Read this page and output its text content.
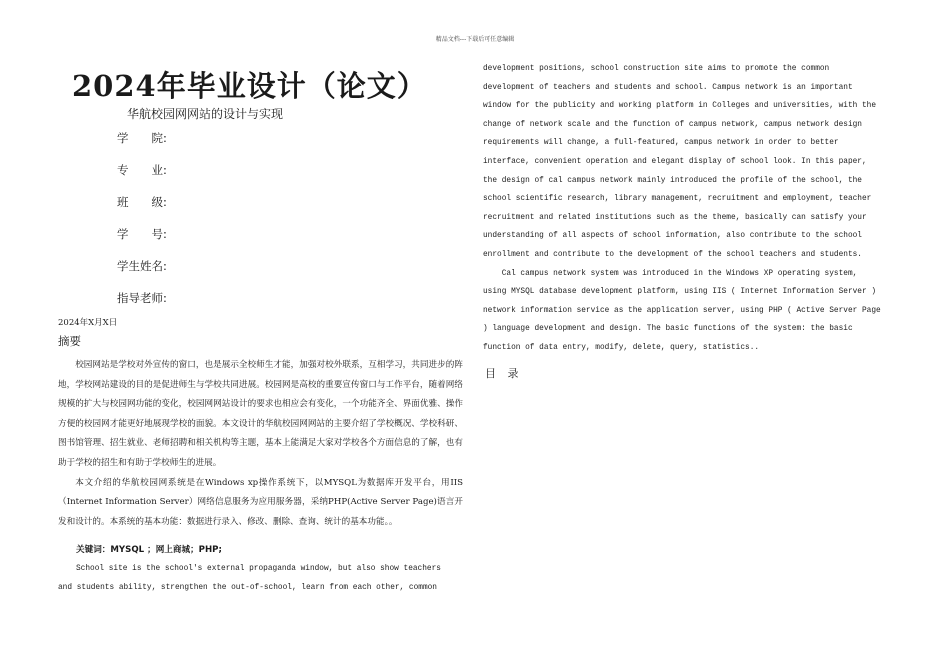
精品文档---下载后可任意编辑
2024年毕业设计（论文）
华航校园网网站的设计与实现
学　　院:
专　　业:
班　　级:
学　　号:
学生姓名:
指导老师:
2024年X月X日
摘要

校园网站是学校对外宣传的窗口，也是展示全校师生才能，加强对校外联系，互相学习，共同进步的阵地，学校网站建设的目的是促进师生与学校共同进展。校园网是高校的重要宣传窗口与工作平台，随着网络规模的扩大与校园网功能的变化，校园网网站设计的要求也相应会有变化，一个功能齐全、界面优雅、操作方便的校园网才能更好地展现学校的面貌。本文设计的华航校园网网站的主要介绍了学校概况、学校科研、图书馆管理、招生就业、老师招聘和相关机构等主题，基本上能满足大家对学校各个方面信息的了解，也有助于学校的招生和有助于学校师生的进展。

本文介绍的华航校园网系统是在Windows xp操作系统下，以MYSQL为数据库开发平台，用IIS（Internet Information Server）网络信息服务为应用服务器，采纳PHP(Active Server Page)语言开发和设计的。本系统的基本功能：数据进行录入、修改、删除、查询、统计的基本功能。。

关键词：MYSQL ；网上商城；PHP;
School site is the school's external propaganda window, but also show teachers
and students ability, strengthen the out-of-school, learn from each other, common
development positions, school construction site aims to promote the common
development of teachers and students and school. Campus network is an important
window for the publicity and working platform in Colleges and universities, with the
change of network scale and the function of campus network, campus network design
requirements will change, a full-featured, campus network in order to better
interface, convenient operation and elegant display of school look. In this paper,
the design of cal campus network mainly introduced the profile of the school, the
school scientific research, library management, recruitment and employment, teacher
recruitment and related institutions such as the theme, basically can satisfy your
understanding of all aspects of school information, also contribute to the school
enrollment and contribute to the development of the school teachers and students.
Cal campus network system was introduced in the Windows XP operating system,
using MYSQL database development platform, using IIS ( Internet Information Server )
network information service as the application server, using PHP ( Active Server Page
) language development and design. The basic functions of the system: the basic
function of data entry, modify, delete, query, statistics..
目 录
